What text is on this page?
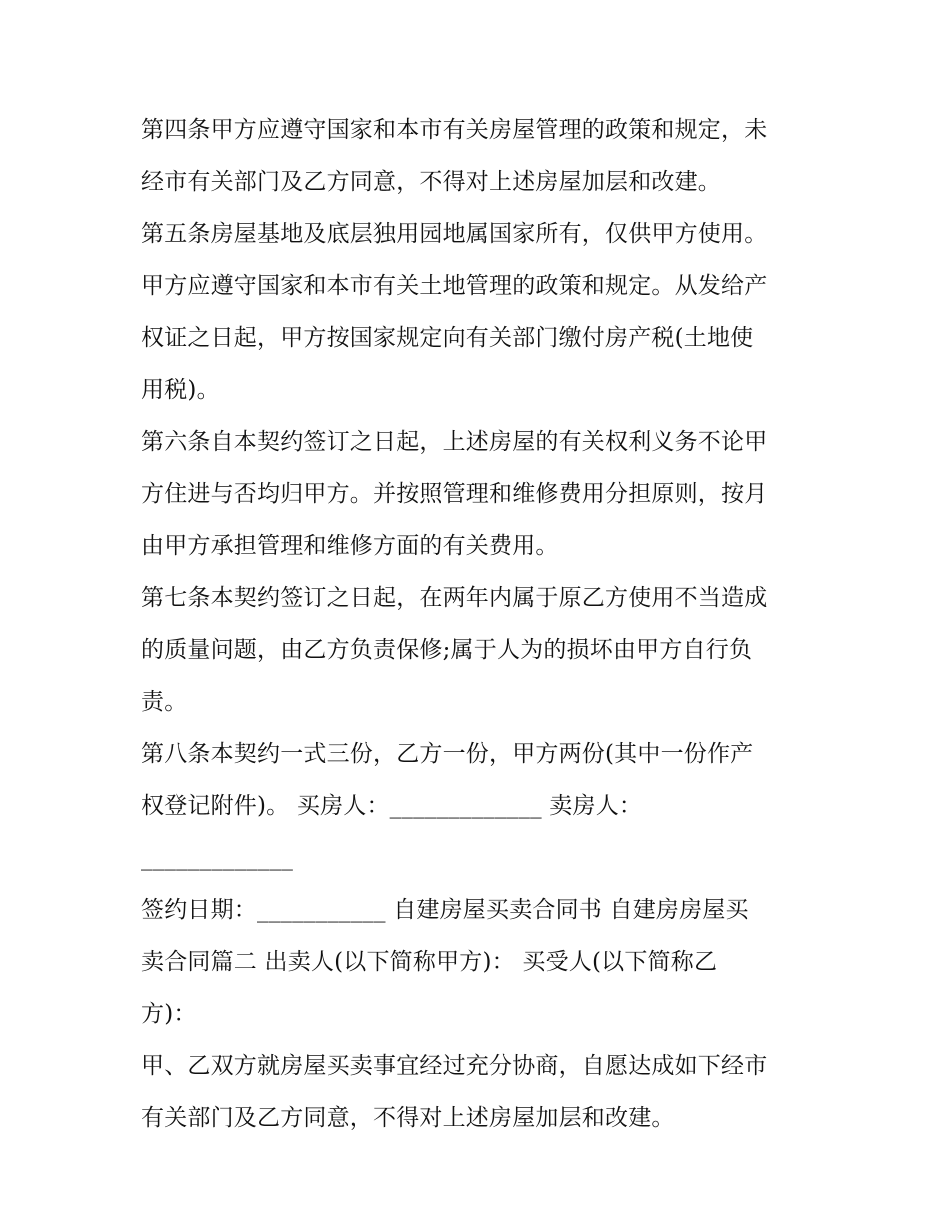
第四条甲方应遵守国家和本市有关房屋管理的政策和规定，未
经市有关部门及乙方同意，不得对上述房屋加层和改建。
第五条房屋基地及底层独用园地属国家所有，仅供甲方使用。
甲方应遵守国家和本市有关土地管理的政策和规定。从发给产
权证之日起，甲方按国家规定向有关部门缴付房产税(土地使
用税)。
第六条自本契约签订之日起，上述房屋的有关权利义务不论甲
方住进与否均归甲方。并按照管理和维修费用分担原则，按月
由甲方承担管理和维修方面的有关费用。
第七条本契约签订之日起，在两年内属于原乙方使用不当造成
的质量问题，由乙方负责保修;属于人为的损坏由甲方自行负
责。
第八条本契约一式三份，乙方一份，甲方两份(其中一份作产
权登记附件)。 买房人：_____________ 卖房人：
_____________
签约日期：___________ 自建房屋买卖合同书 自建房房屋买
卖合同篇二 出卖人(以下简称甲方)： 买受人(以下简称乙
方)：
甲、乙双方就房屋买卖事宜经过充分协商，自愿达成如下经市
有关部门及乙方同意，不得对上述房屋加层和改建。
